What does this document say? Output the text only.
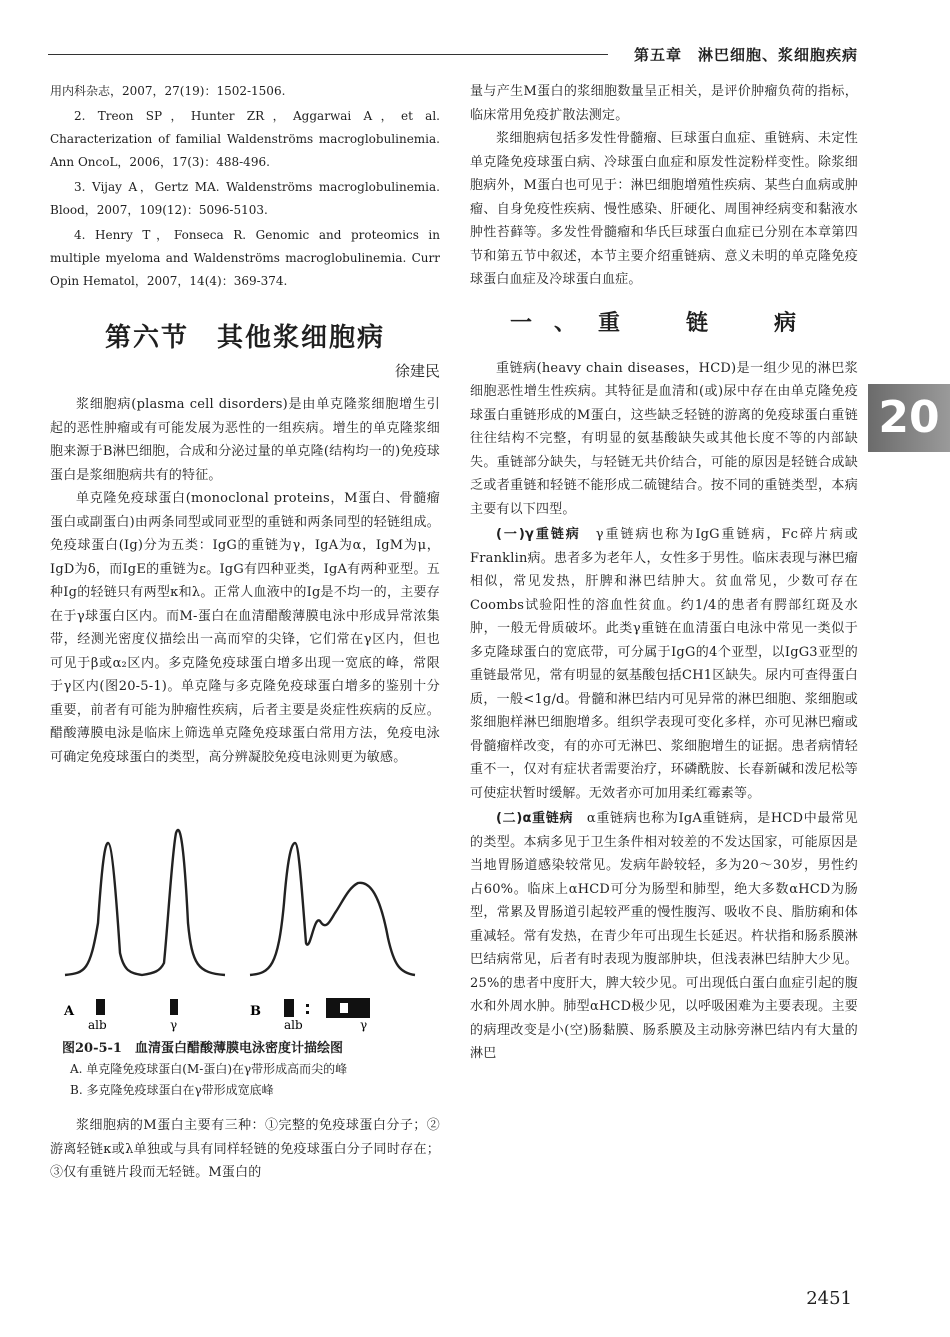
第五章　淋巴细胞、浆细胞疾病

用内科杂志，2007，27(19)：1502-1506.

2. Treon SP，Hunter ZR，Aggarwai A，et al. Characterization of familial Waldenströms macroglobulinemia. Ann OncoL，2006，17(3)：488-496.

3. Vijay A，Gertz MA. Waldenströms macroglobulinemia. Blood，2007，109(12)：5096-5103.

4. Henry T，Fonseca R. Genomic and proteomics in multiple myeloma and Waldenströms macroglobulinemia. Curr Opin Hematol，2007，14(4)：369-374.

第六节　其他浆细胞病
徐建民

浆细胞病(plasma cell disorders)是由单克隆浆细胞增生引起的恶性肿瘤或有可能发展为恶性的一组疾病。增生的单克隆浆细胞来源于B淋巴细胞，合成和分泌过量的单克隆(结构均一的)免疫球蛋白是浆细胞病共有的特征。

单克隆免疫球蛋白(monoclonal proteins，M蛋白、骨髓瘤蛋白或副蛋白)由两条同型或同亚型的重链和两条同型的轻链组成。免疫球蛋白(Ig)分为五类：IgG的重链为γ，IgA为α，IgM为μ，IgD为δ，而IgE的重链为ε。IgG有四种亚类，IgA有两种亚型。五种Ig的轻链只有两型κ和λ。正常人血液中的Ig是不均一的，主要存在于γ球蛋白区内。而M-蛋白在血清醋酸薄膜电泳中形成异常浓集带，经测光密度仪描绘出一高而窄的尖锋，它们常在γ区内，但也可见于β或α₂区内。多克隆免疫球蛋白增多出现一宽底的峰，常限于γ区内(图20-5-1)。单克隆与多克隆免疫球蛋白增多的鉴别十分重要，前者有可能为肿瘤性疾病，后者主要是炎症性疾病的反应。醋酸薄膜电泳是临床上筛选单克隆免疫球蛋白常用方法，免疫电泳可确定免疫球蛋白的类型，高分辨凝胶免疫电泳则更为敏感。

A
alb	γ
B
alb	γ
图20-5-1　血清蛋白醋酸薄膜电泳密度计描绘图
A. 单克隆免疫球蛋白(M-蛋白)在γ带形成高而尖的峰
B. 多克隆免疫球蛋白在γ带形成宽底峰

浆细胞病的M蛋白主要有三种：①完整的免疫球蛋白分子；②游离轻链κ或λ单独或与具有同样轻链的免疫球蛋白分子同时存在；③仅有重链片段而无轻链。M蛋白的

量与产生M蛋白的浆细胞数量呈正相关，是评价肿瘤负荷的指标，临床常用免疫扩散法测定。

浆细胞病包括多发性骨髓瘤、巨球蛋白血症、重链病、未定性单克隆免疫球蛋白病、冷球蛋白血症和原发性淀粉样变性。除浆细胞病外，M蛋白也可见于：淋巴细胞增殖性疾病、某些白血病或肿瘤、自身免疫性疾病、慢性感染、肝硬化、周围神经病变和黏液水肿性苔藓等。多发性骨髓瘤和华氏巨球蛋白血症已分别在本章第四节和第五节中叙述，本节主要介绍重链病、意义未明的单克隆免疫球蛋白血症及冷球蛋白血症。

一、重　链　病

重链病(heavy chain diseases，HCD)是一组少见的淋巴浆细胞恶性增生性疾病。其特征是血清和(或)尿中存在由单克隆免疫球蛋白重链形成的M蛋白，这些缺乏轻链的游离的免疫球蛋白重链往往结构不完整，有明显的氨基酸缺失或其他长度不等的内部缺失。重链部分缺失，与轻链无共价结合，可能的原因是轻链合成缺乏或者重链和轻链不能形成二硫键结合。按不同的重链类型，本病主要有以下四型。

(一)γ重链病　 γ重链病也称为IgG重链病，Fc碎片病或Franklin病。患者多为老年人，女性多于男性。临床表现与淋巴瘤相似，常见发热，肝脾和淋巴结肿大。贫血常见，少数可存在Coombs试验阳性的溶血性贫血。约1/4的患者有腭部红斑及水肿，一般无骨质破坏。此类γ重链在血清蛋白电泳中常见一类似于多克隆球蛋白的宽底带，可分属于IgG的4个亚型，以IgG3亚型的重链最常见，常有明显的氨基酸包括CH1区缺失。尿内可查得蛋白质，一般<1g/d。骨髓和淋巴结内可见异常的淋巴细胞、浆细胞或浆细胞样淋巴细胞增多。组织学表现可变化多样，亦可见淋巴瘤或骨髓瘤样改变，有的亦可无淋巴、浆细胞增生的证据。患者病情轻重不一，仅对有症状者需要治疗，环磷酰胺、长春新碱和泼尼松等可使症状暂时缓解。无效者亦可加用柔红霉素等。

(二)α重链病　 α重链病也称为IgA重链病，是HCD中最常见的类型。本病多见于卫生条件相对较差的不发达国家，可能原因是当地胃肠道感染较常见。发病年龄较轻，多为20～30岁，男性约占60%。临床上αHCD可分为肠型和肺型，绝大多数αHCD为肠型，常累及胃肠道引起较严重的慢性腹泻、吸收不良、脂肪痢和体重减轻。常有发热，在青少年可出现生长延迟。杵状指和肠系膜淋巴结病常见，后者有时表现为腹部肿块，但浅表淋巴结肿大少见。25%的患者中度肝大，脾大较少见。可出现低白蛋白血症引起的腹水和外周水肿。肺型αHCD极少见，以呼吸困难为主要表现。主要的病理改变是小(空)肠黏膜、肠系膜及主动脉旁淋巴结内有大量的淋巴

20
2451
